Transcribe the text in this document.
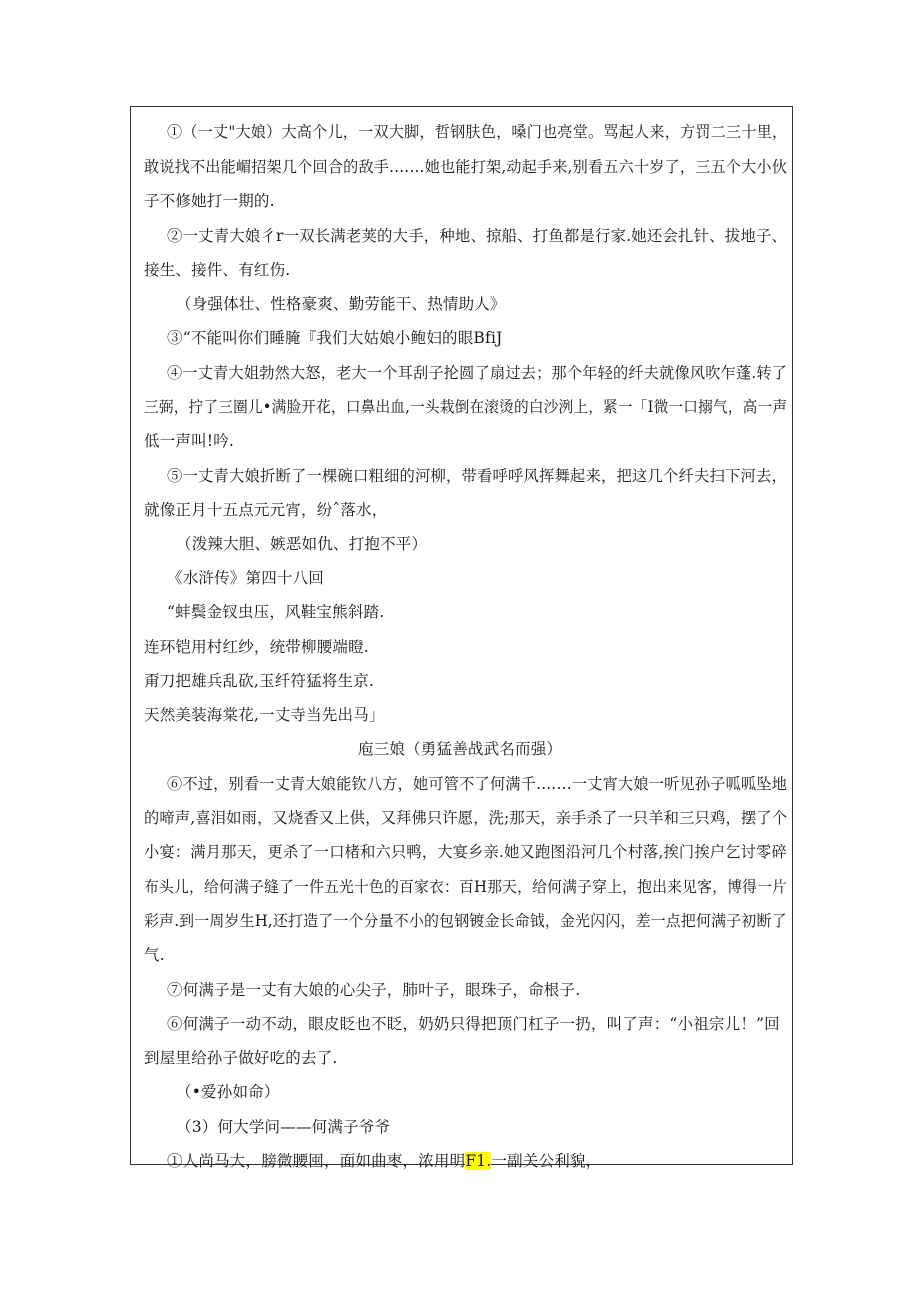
①（一丈"大娘）大高个儿，一双大脚，哲钢肤色，嗓门也亮堂。骂起人来，方罚二三十里，
敢说找不出能嵋招架几个回合的敌手.……她也能打架,动起手来,别看五六十岁了，三五个大小伙
子不修她打一期的.
②一丈青大娘彳r一双长满老荚的大手，种地、掠船、打鱼都是行家.她还会扎针、拔地子、
接生、接件、有红伤.
（身强体壮、性格豪爽、勤劳能干、热情助人》
③“不能叫你们睡腌『我们大姑娘小鲍妇的眼BfiJ
④一丈青大姐勃然大怒，老大一个耳刮子抡圆了扇过去；那个年轻的纤夫就像风吹乍蓬.转了
三弼，拧了三圈儿•满脸开花，口鼻出血,一头栽倒在滚烫的白沙洌上，紧一「I微一口搦气，高一声
低一声叫!吟.
⑤一丈青大娘折断了一棵碗口粗细的河柳，带看呼呼风挥舞起来，把这几个纤夫扫下河去，
就像正月十五点元元宵，纷ˆ落水，
（泼辣大胆、嫉恶如仇、打抱不平）
《水浒传》第四十八回
“蚌鬓金钗虫压，风鞋宝熊斜踏.
连环铠用村红纱，统带柳腰端瞪.
甭刀把雄兵乱砍,玉纤符猛将生京.
天然美装海棠花,一丈寺当先出马」
庖三娘（勇猛善战武名而强）
⑥不过，别看一丈青大娘能钦八方，她可管不了何满千.……一丈宵大娘一听见孙子呱呱坠地
的啼声,喜泪如雨，又烧香又上供，又拜佛只许愿，洗;那天，亲手杀了一只羊和三只鸡，摆了个
小宴：满月那天，更杀了一口楮和六只鸭，大宴乡亲.她又跑图沿河几个村落,挨门挨户乞讨零碎
布头儿，给何满子缝了一件五光十色的百家衣：百H那天，给何满子穿上，抱出来见客，博得一片
彩声.到一周岁生H,还打造了一个分量不小的包钢镀金长命钺，金光闪闪，差一点把何满子初断了
气.
⑦何满子是一丈有大娘的心尖子，肺叶子，眼珠子，命根子.
⑥何满子一动不动，眼皮眨也不眨，奶奶只得把顶门杠子一扔，叫了声：“小祖宗儿！”回
到屋里给孙子做好吃的去了.
（•爱孙如命）
（3）何大学问——何满子爷爷
①人尚马大，膀微腰囤，面如曲枣，浓用明F1.一副关公利貌，
